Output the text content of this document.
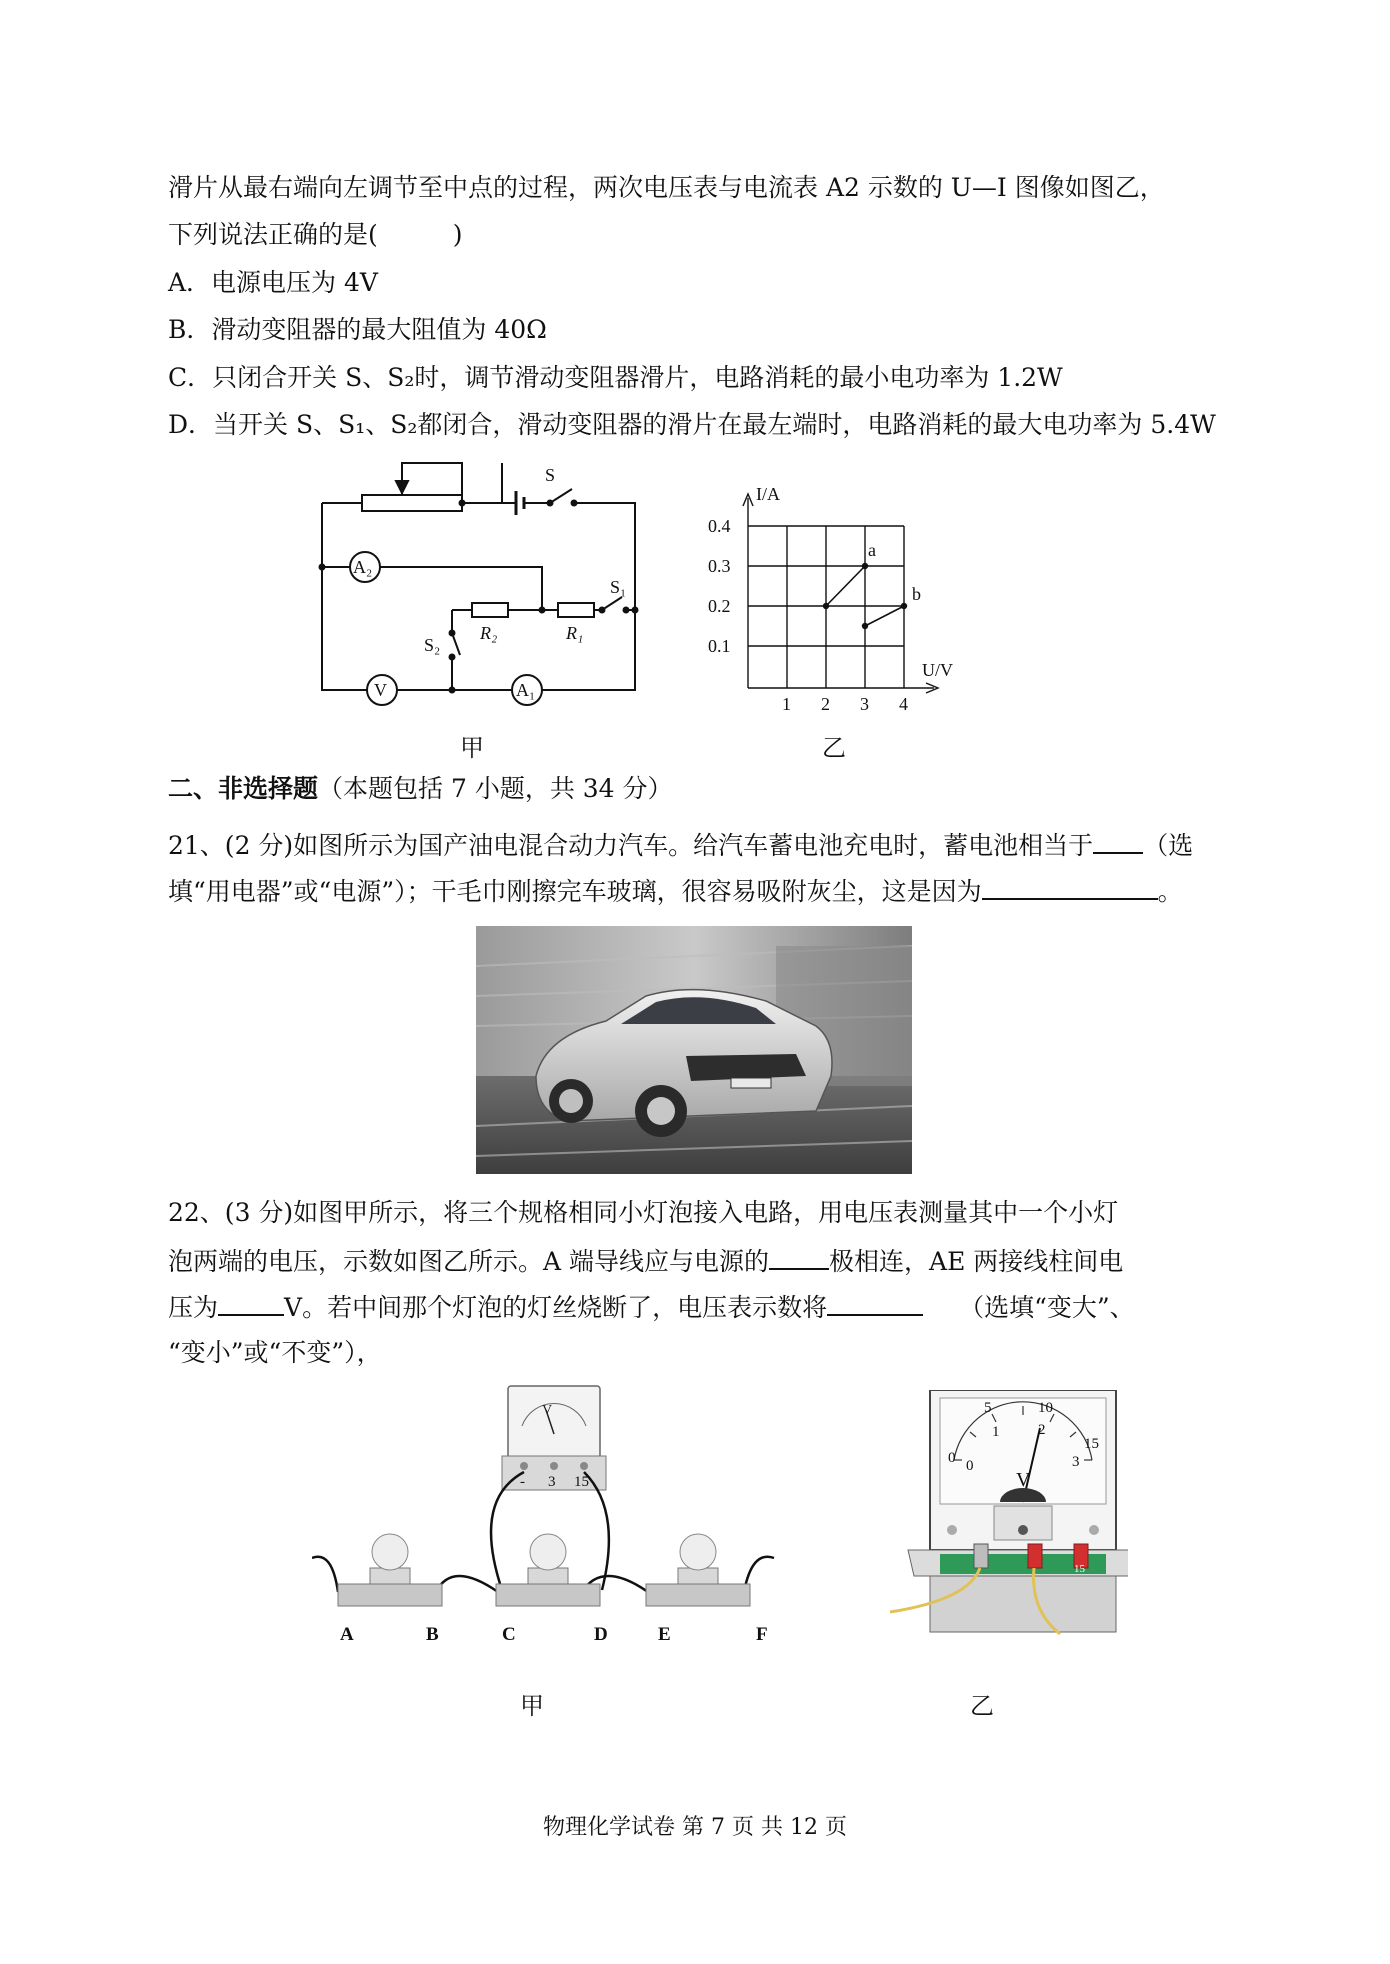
滑片从最右端向左调节至中点的过程，两次电压表与电流表 A2 示数的 U—I 图像如图乙，
下列说法正确的是(　　　)
A．电源电压为 4V
B．滑动变阻器的最大阻值为 40Ω
C．只闭合开关 S、S₂时，调节滑动变阻器滑片，电路消耗的最小电功率为 1.2W
D．当开关 S、S₁、S₂都闭合，滑动变阻器的滑片在最左端时，电路消耗的最大电功率为 5.4W
S
A₂
R₂	R₁
S₁
S₂
V	A₁
甲
I/A
U/V
0.4
0.3
0.2
0.1
1 2 3 4
a
b
乙
二、非选择题（本题包括 7 小题，共 34 分）
21、(2 分)如图所示为国产油电混合动力汽车。给汽车蓄电池充电时，蓄电池相当于 （选
填“用电器”或“电源”）；干毛巾刚擦完车玻璃，很容易吸附灰尘，这是因为	。
22、(3 分)如图甲所示，将三个规格相同小灯泡接入电路，用电压表测量其中一个小灯
泡两端的电压，示数如图乙所示。A 端导线应与电源的 极相连，AE 两接线柱间电
压为	V。若中间那个灯泡的灯丝烧断了，电压表示数将	（选填“变大”、
“变小”或“不变”），
V
- 3 15
A	B	C	D	E	F
甲
0
5	10
15
0
1	2
3
V
15
乙
物理化学试卷 第 7 页 共 12 页
